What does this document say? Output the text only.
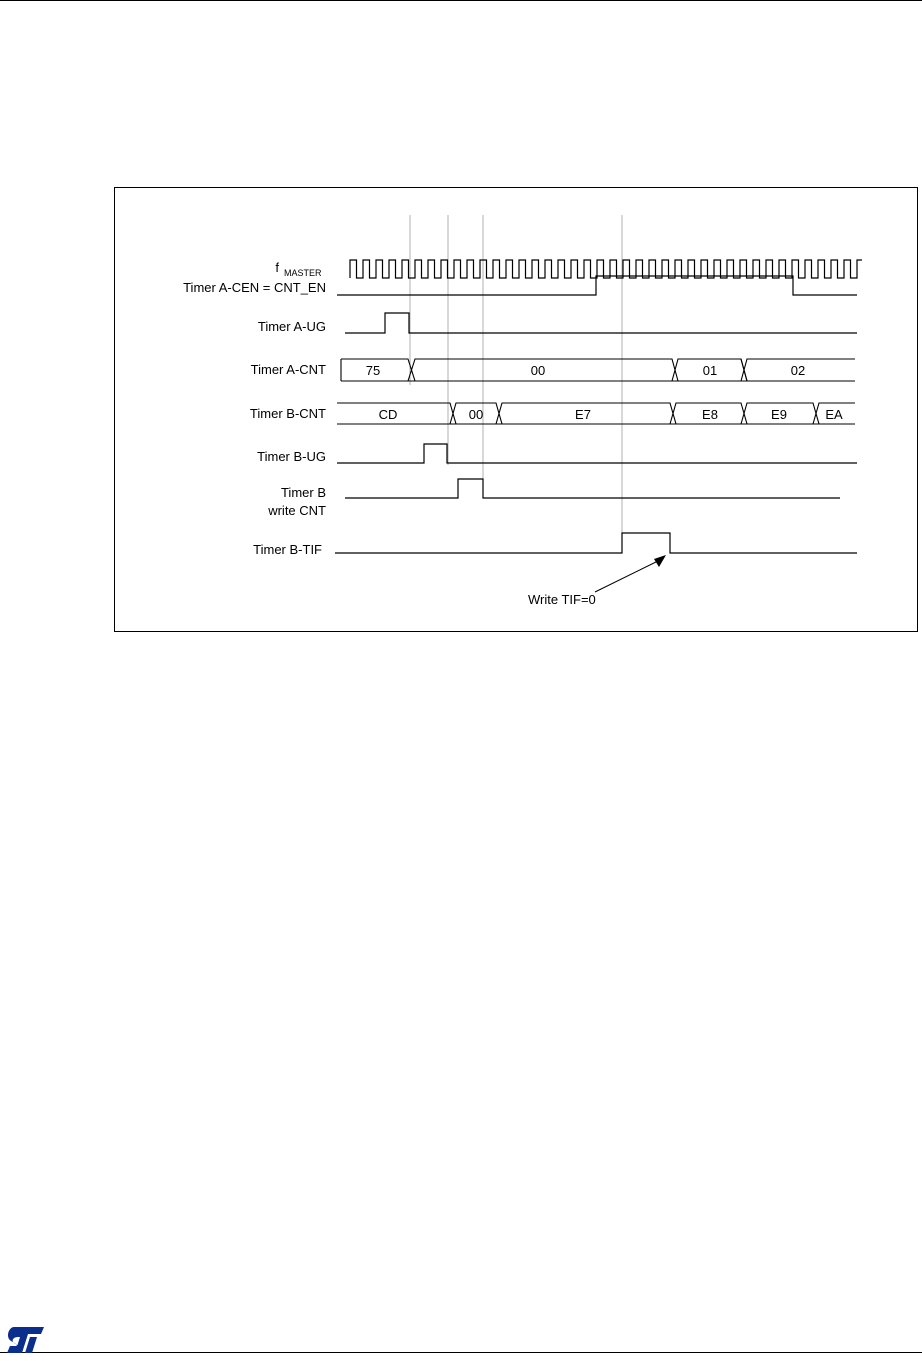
f MASTER
Timer A-CEN = CNT_EN
Timer A-UG
Timer A-CNT
Timer B-CNT
Timer B-UG
Timer B
write CNT
Timer B-TIF
75	00	01	02
CD	00	E7	E8	E9	EA
Write TIF=0
